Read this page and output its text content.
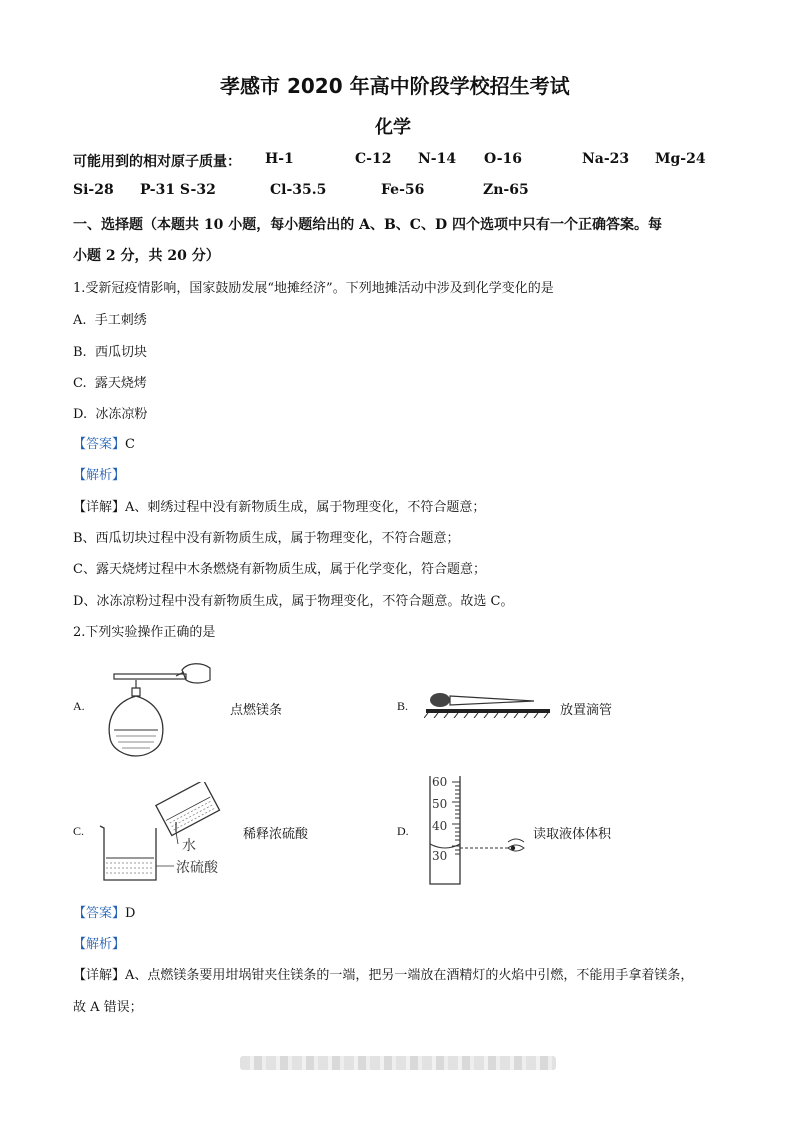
孝感市 2020 年高中阶段学校招生考试
化学
可能用到的相对原子质量： H-1	C-12 N-14 O-16	Na-23 Mg-24
Si-28 P-31 S-32	Cl-35.5	Fe-56	Zn-65
一、选择题（本题共 10 小题，每小题给出的 A、B、C、D 四个选项中只有一个正确答案。每
小题 2 分，共 20 分）
1.受新冠疫情影响，国家鼓励发展“地摊经济”。下列地摊活动中涉及到化学变化的是
A. 手工刺绣
B. 西瓜切块
C. 露天烧烤
D. 冰冻凉粉
【答案】C
【解析】
【详解】A、刺绣过程中没有新物质生成，属于物理变化，不符合题意；
B、西瓜切块过程中没有新物质生成，属于物理变化，不符合题意；
C、露天烧烤过程中木条燃烧有新物质生成，属于化学变化，符合题意；
D、冰冻凉粉过程中没有新物质生成，属于物理变化，不符合题意。故选 C。
2.下列实验操作正确的是
A.	点燃镁条	B.	放置滴管
C.
水
浓硫酸
稀释浓硫酸	D.
60
50
40
30
读取液体体积
【答案】D
【解析】
【详解】A、点燃镁条要用坩埚钳夹住镁条的一端，把另一端放在酒精灯的火焰中引燃，不能用手拿着镁条，
故 A 错误；
